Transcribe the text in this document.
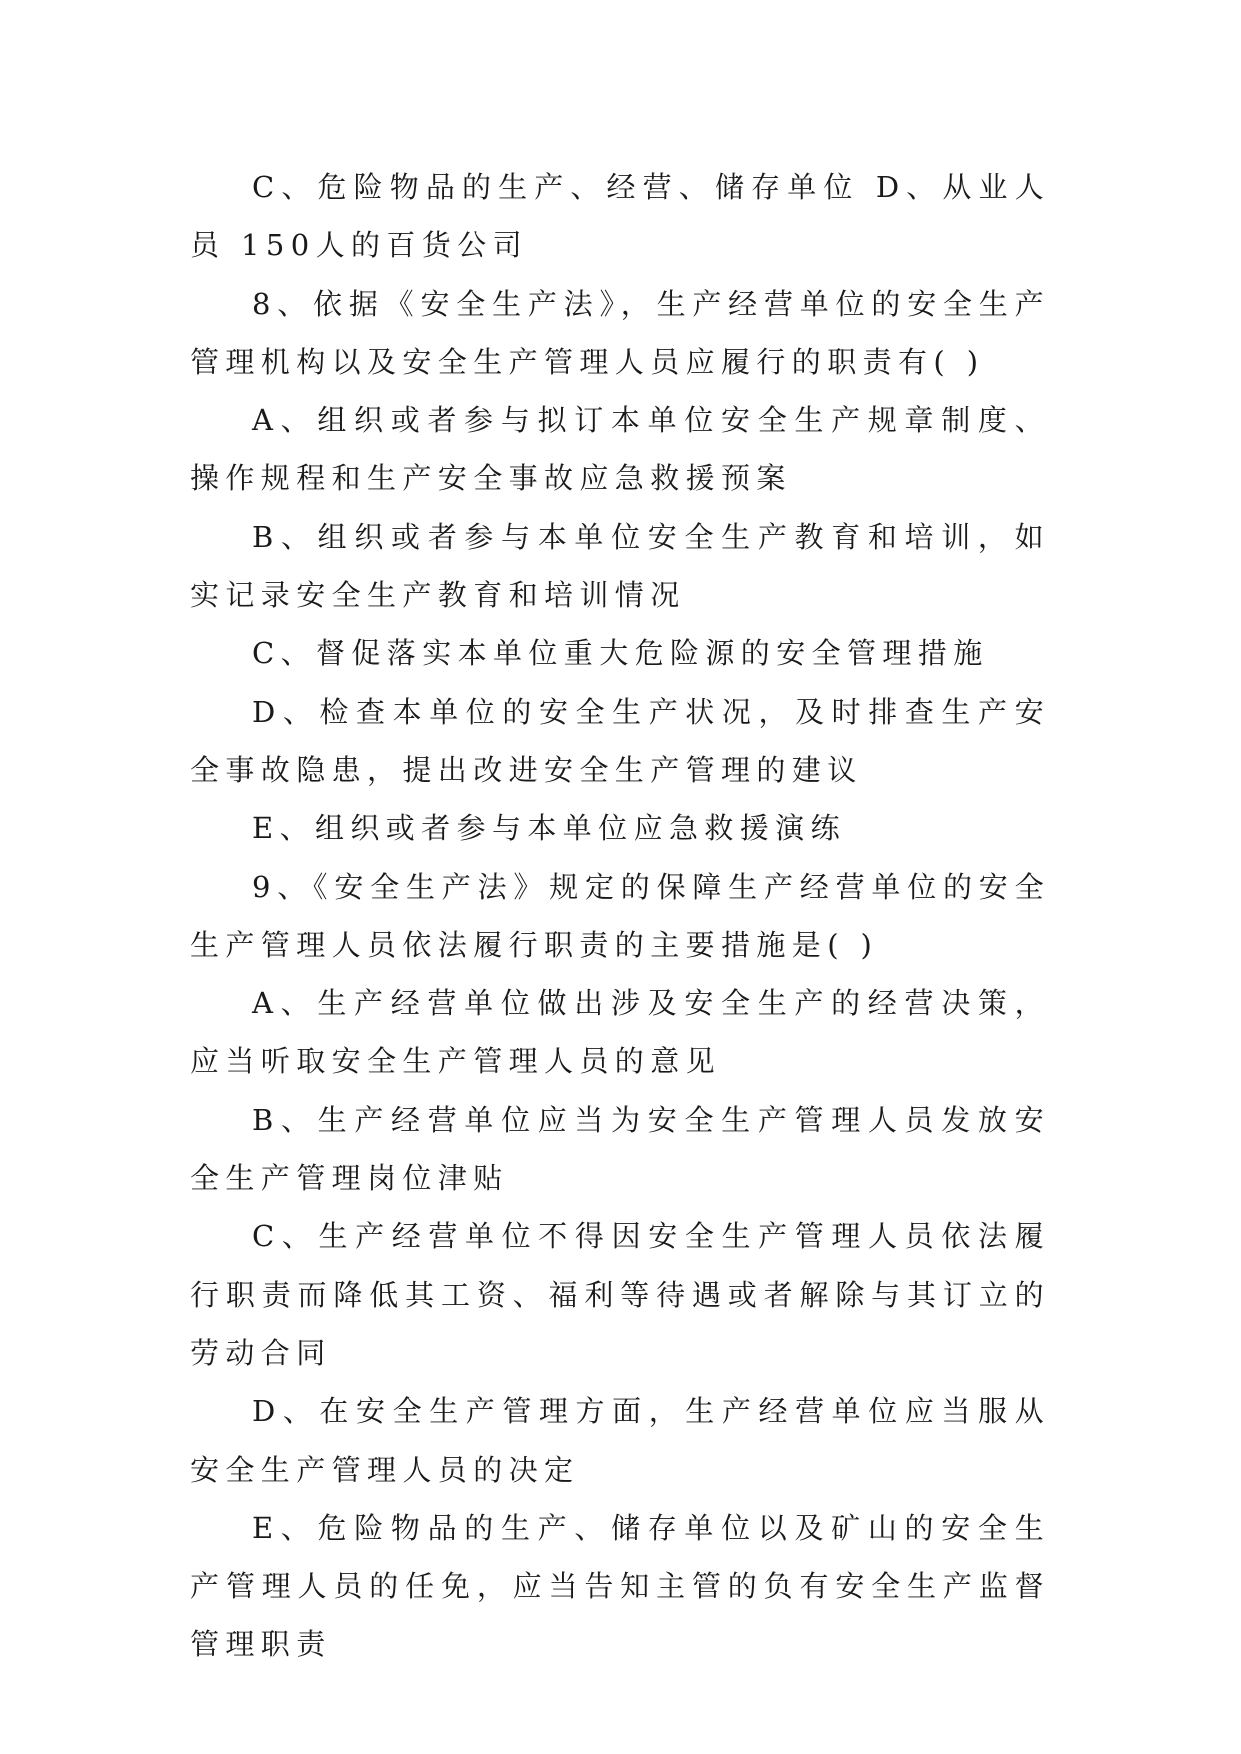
C、危险物品的生产、经营、储存单位 D、从业人员 150人的百货公司

8、依据《安全生产法》，生产经营单位的安全生产管理机构以及安全生产管理人员应履行的职责有( )

A、组织或者参与拟订本单位安全生产规章制度、操作规程和生产安全事故应急救援预案

B、组织或者参与本单位安全生产教育和培训，如实记录安全生产教育和培训情况

C、督促落实本单位重大危险源的安全管理措施

D、检查本单位的安全生产状况，及时排查生产安全事故隐患，提出改进安全生产管理的建议

E、组织或者参与本单位应急救援演练

9、《安全生产法》规定的保障生产经营单位的安全生产管理人员依法履行职责的主要措施是( )

A、生产经营单位做出涉及安全生产的经营决策，应当听取安全生产管理人员的意见

B、生产经营单位应当为安全生产管理人员发放安全生产管理岗位津贴

C、生产经营单位不得因安全生产管理人员依法履行职责而降低其工资、福利等待遇或者解除与其订立的劳动合同

D、在安全生产管理方面，生产经营单位应当服从安全生产管理人员的决定

E、危险物品的生产、储存单位以及矿山的安全生产管理人员的任免，应当告知主管的负有安全生产监督管理职责
